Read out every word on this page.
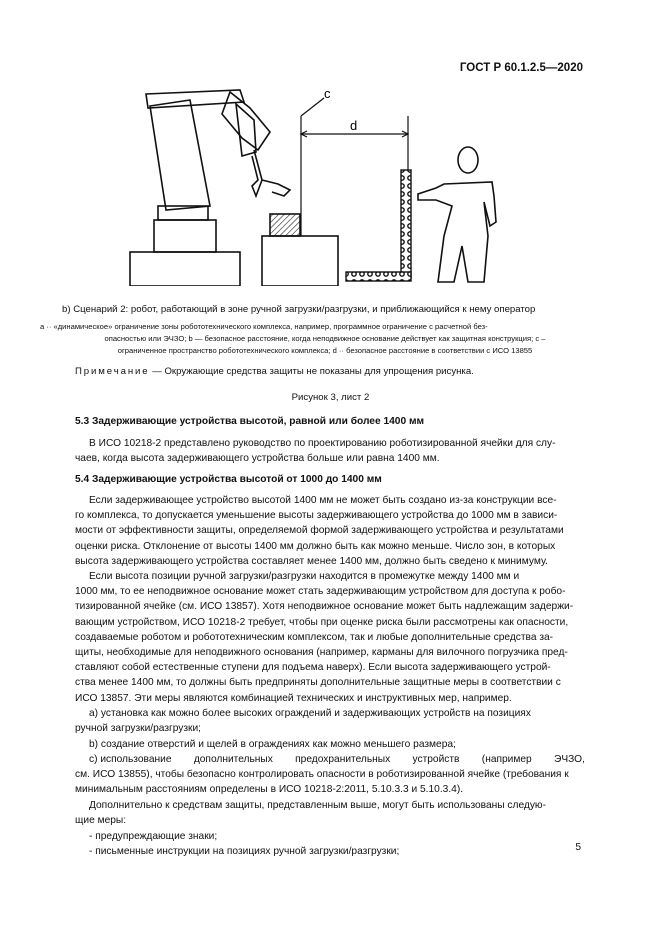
ГОСТ Р 60.1.2.5—2020
c
d
b) Сценарий 2: робот, работающий в зоне ручной загрузки/разгрузки, и приближающийся к нему оператор
a ·· «динамическое» ограничение зоны робототехнического комплекса, например, программное ограничение с расчетной без-
опасностью или ЭЧЗО; b — безопасное расстояние, когда неподвижное основание действует как защитная конструкция; c –
ограниченное пространство робототехнического комплекса; d ·· безопасное расстояние в соответствии с ИСО 13855
Примечание — Окружающие средства защиты не показаны для упрощения рисунка.
Рисунок 3, лист 2
5.3 Задерживающие устройства высотой, равной или более 1400 мм
В ИСО 10218-2 представлено руководство по проектированию роботизированной ячейки для слу-
чаев, когда высота задерживающего устройства больше или равна 1400 мм.
5.4 Задерживающие устройства высотой от 1000 до 1400 мм
Если задерживающее устройство высотой 1400 мм не может быть создано из-за конструкции все-
го комплекса, то допускается уменьшение высоты задерживающего устройства до 1000 мм в зависи-
мости от эффективности защиты, определяемой формой задерживающего устройства и результатами
оценки риска. Отклонение от высоты 1400 мм должно быть как можно меньше. Число зон, в которых
высота задерживающего устройства составляет менее 1400 мм, должно быть сведено к минимуму.
Если высота позиции ручной загрузки/разгрузки находится в промежутке между 1400 мм и
1000 мм, то ее неподвижное основание может стать задерживающим устройством для доступа к робо-
тизированной ячейке (см. ИСО 13857). Хотя неподвижное основание может быть надлежащим задержи-
вающим устройством, ИСО 10218-2 требует, чтобы при оценке риска были рассмотрены как опасности,
создаваемые роботом и робототехническим комплексом, так и любые дополнительные средства за-
щиты, необходимые для неподвижного основания (например, карманы для вилочного погрузчика пред-
ставляют собой естественные ступени для подъема наверх). Если высота задерживающего устрой-
ства менее 1400 мм, то должны быть предприняты дополнительные защитные меры в соответствии с
ИСО 13857. Эти меры являются комбинацией технических и инструктивных мер, например.
а) установка как можно более высоких ограждений и задерживающих устройств на позициях
ручной загрузки/разгрузки;
b) создание отверстий и щелей в ограждениях как можно меньшего размера;
c) использование дополнительных предохранительных устройств (например ЭЧЗО,
см. ИСО 13855), чтобы безопасно контролировать опасности в роботизированной ячейке (требования к
минимальным расстояниям определены в ИСО 10218-2:2011, 5.10.3.3 и 5.10.3.4).
Дополнительно к средствам защиты, представленным выше, могут быть использованы следую-
щие меры:
- предупреждающие знаки;
- письменные инструкции на позициях ручной загрузки/разгрузки;	5
